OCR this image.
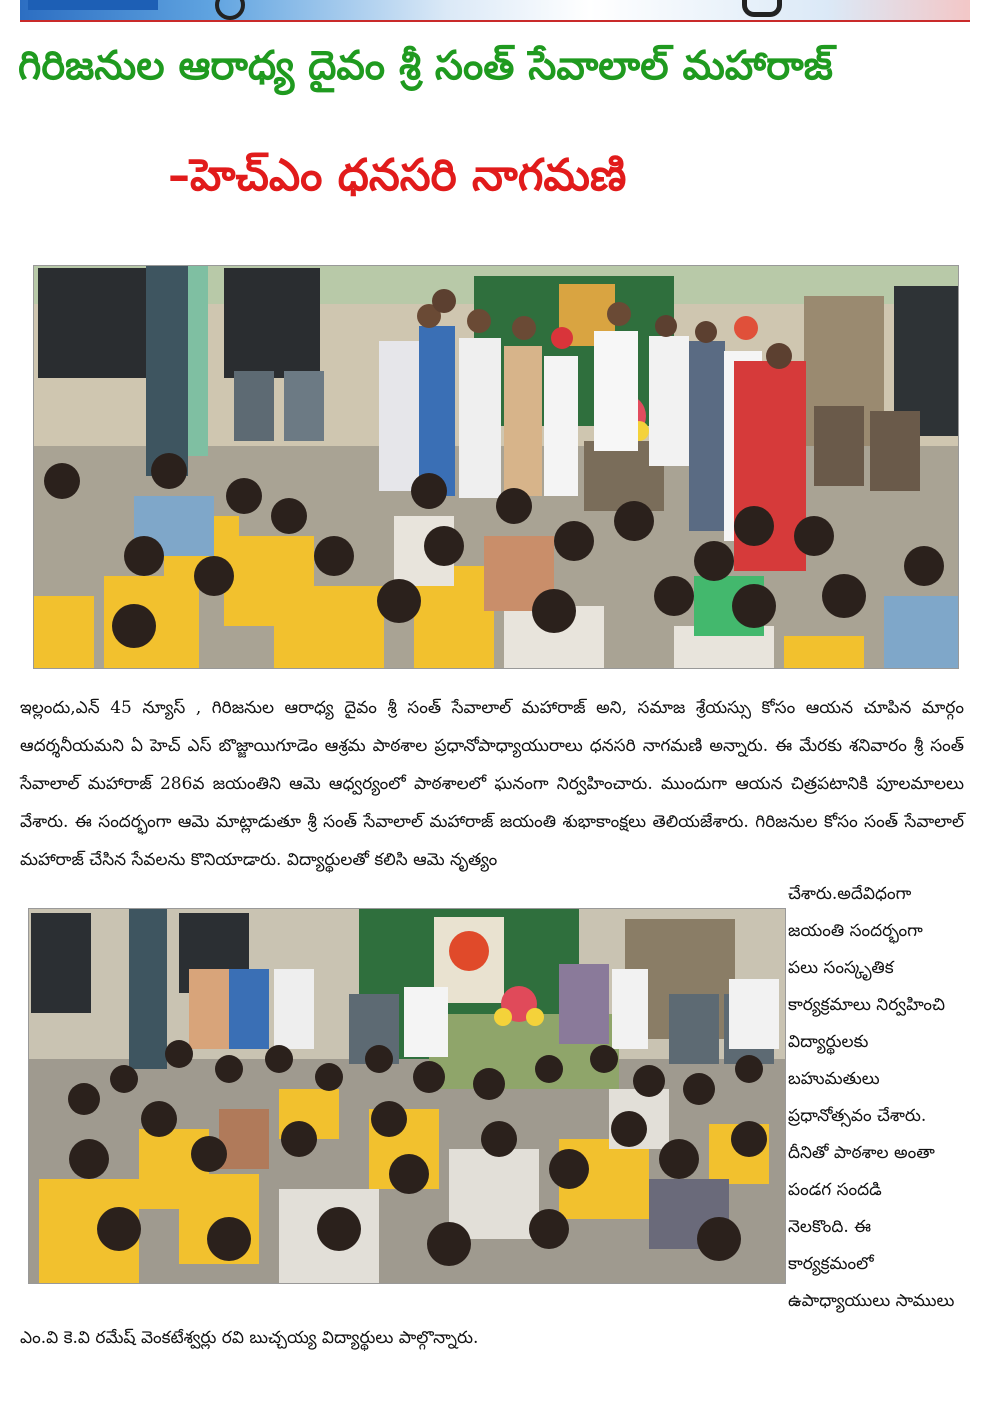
గిరిజనుల ఆరాధ్య దైవం శ్రీ సంత్ సేవాలాల్ మహారాజ్
–హెచ్ఎం ధనసరి నాగమణి
ఇల్లందు,ఎన్ 45 న్యూస్ , గిరిజనుల ఆరాధ్య దైవం శ్రీ సంత్ సేవాలాల్ మహారాజ్ అని, సమాజ శ్రేయస్సు కోసం ఆయన చూపిన మార్గం ఆదర్శనీయమని ఏ హెచ్ ఎస్ బొజ్జాయిగూడెం ఆశ్రమ పాఠశాల ప్రధానోపాధ్యాయురాలు ధనసరి నాగమణి అన్నారు. ఈ మేరకు శనివారం శ్రీ సంత్ సేవాలాల్ మహారాజ్ 286వ జయంతిని ఆమె ఆధ్వర్యంలో పాఠశాలలో ఘనంగా నిర్వహించారు. ముందుగా ఆయన చిత్రపటానికి పూలమాలలు వేశారు. ఈ సందర్భంగా ఆమె మాట్లాడుతూ శ్రీ సంత్ సేవాలాల్ మహారాజ్ జయంతి శుభాకాంక్షలు తెలియజేశారు. గిరిజనుల కోసం సంత్ సేవాలాల్ మహారాజ్ చేసిన సేవలను కొనియాడారు. విద్యార్థులతో కలిసి ఆమె నృత్యం
చేశారు.అదేవిధంగా
జయంతి సందర్భంగా
పలు సంస్కృతిక
కార్యక్రమాలు నిర్వహించి
విద్యార్థులకు
బహుమతులు
ప్రధానోత్సవం చేశారు.
దీనితో పాఠశాల అంతా
పండగ సందడి
నెలకొంది. ఈ
కార్యక్రమంలో
ఉపాధ్యాయులు సాములు
ఎం.వి కె.వి రమేష్ వెంకటేశ్వర్లు రవి బుచ్చయ్య విద్యార్థులు పాల్గొన్నారు.
